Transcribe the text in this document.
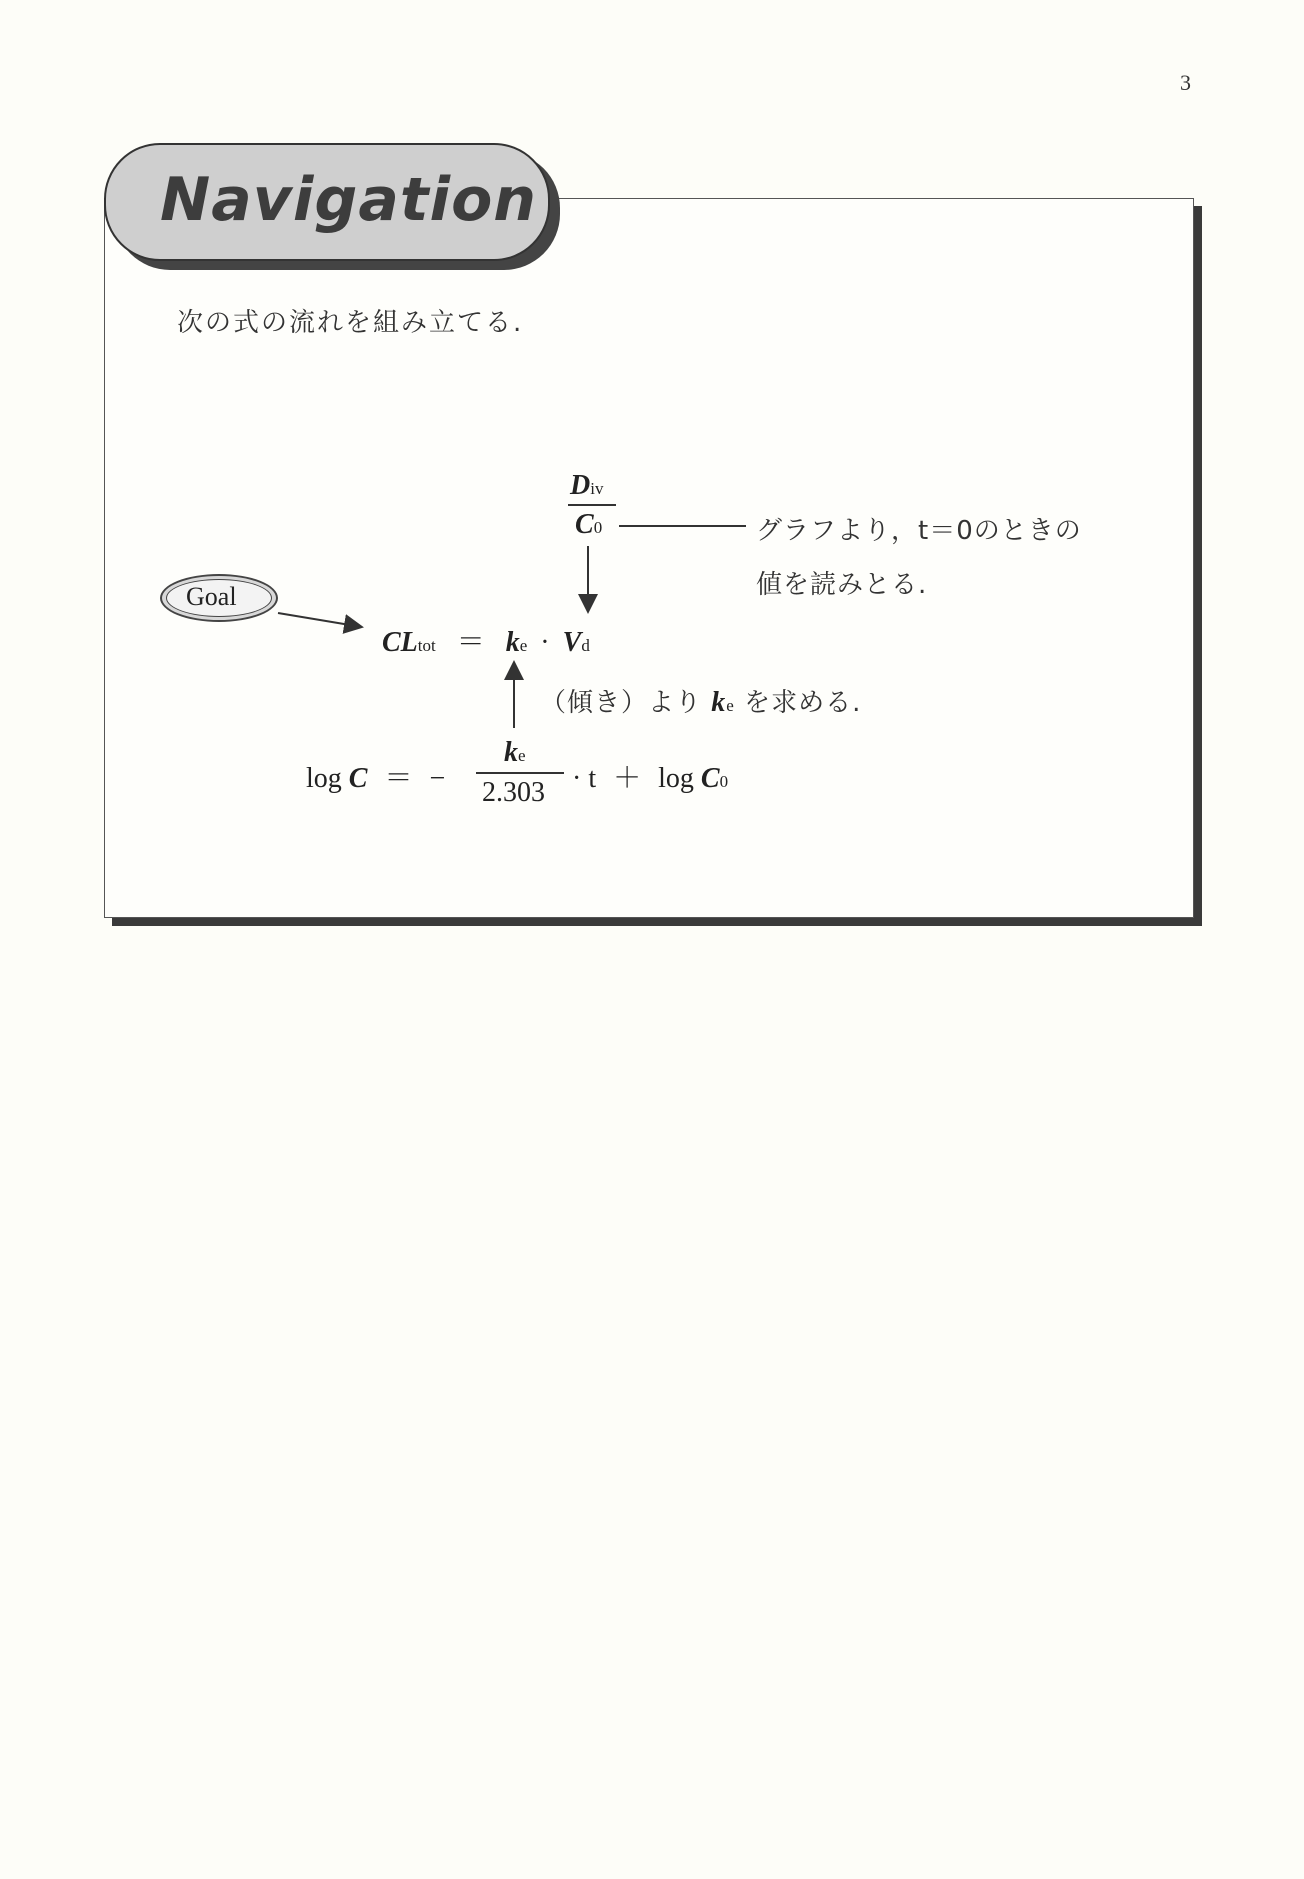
3
Navigation
次の式の流れを組み立てる.
Goal
Div
C0	グラフより，t＝0のときの
値を読みとる.
CLtot ＝ ke · Vd
（傾き）より ke を求める.
log C ＝ −
ke
2.303 · t ＋ log C0
